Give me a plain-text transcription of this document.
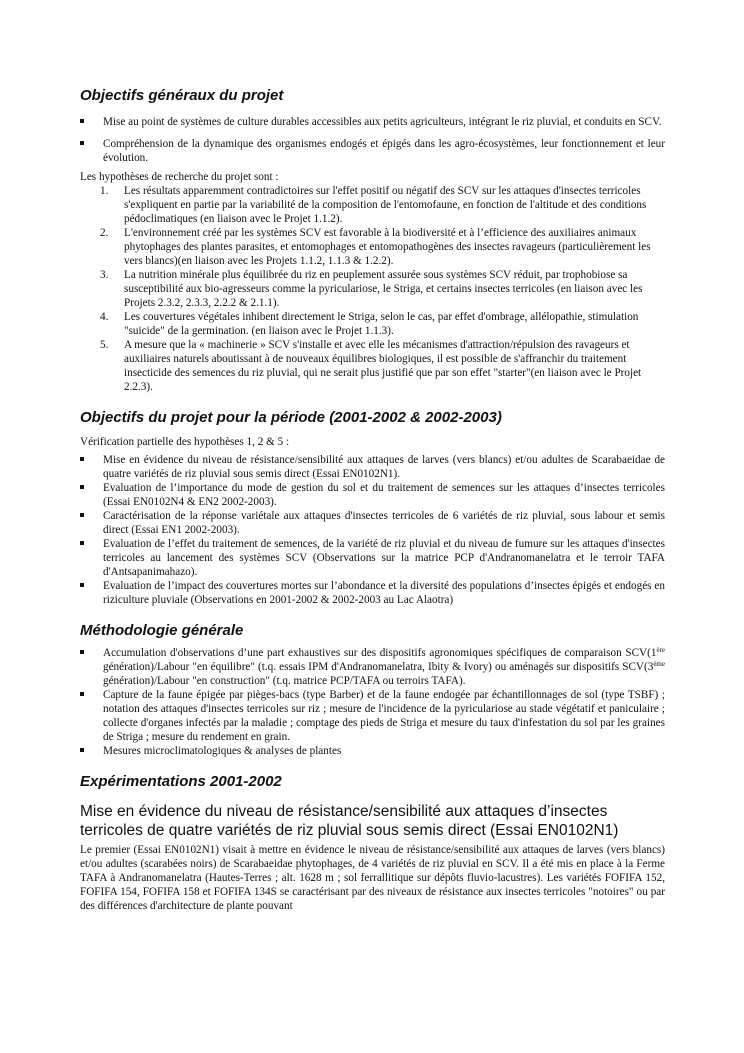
Objectifs généraux du projet
Mise au point de systèmes de culture durables accessibles aux petits agriculteurs, intégrant le riz pluvial, et conduits en SCV.
Compréhension de la dynamique des organismes endogés et épigés dans les agro-écosystèmes, leur fonctionnement et leur évolution.

Les hypothèses de recherche du projet sont :

1. Les résultats apparemment contradictoires sur l'effet positif ou négatif des SCV sur les attaques d'insectes terricoles s'expliquent en partie par la variabilité de la composition de l'entomofaune, en fonction de l'altitude et des conditions pédoclimatiques (en liaison avec le Projet 1.1.2).
2. L'environnement créé par les systèmes SCV est favorable à la biodiversité et à l’efficience des auxiliaires animaux phytophages des plantes parasites, et entomophages et entomopathogènes des insectes ravageurs (particulièrement les vers blancs)(en liaison avec les Projets 1.1.2, 1.1.3 & 1.2.2).
3. La nutrition minérale plus équilibrée du riz en peuplement assurée sous systèmes SCV réduit, par trophobiose sa susceptibilité aux bio-agresseurs comme la pyriculariose, le Striga, et certains insectes terricoles (en liaison avec les Projets 2.3.2, 2.3.3, 2.2.2 & 2.1.1).
4. Les couvertures végétales inhibent directement le Striga, selon le cas, par effet d'ombrage, allélopathie, stimulation "suicide" de la germination. (en liaison avec le Projet 1.1.3).
5. A mesure que la « machinerie » SCV s'installe et avec elle les mécanismes d'attraction/répulsion des ravageurs et auxiliaires naturels aboutissant à de nouveaux équilibres biologiques, il est possible de s'affranchir du traitement insecticide des semences du riz pluvial, qui ne serait plus justifié que par son effet "starter"(en liaison avec le Projet 2.2.3).
Objectifs du projet pour la période (2001-2002 & 2002-2003)

Vérification partielle des hypothèses 1, 2 & 5 :

Mise en évidence du niveau de résistance/sensibilité aux attaques de larves (vers blancs) et/ou adultes de Scarabaeidae de quatre variétés de riz pluvial sous semis direct (Essai EN0102N1).
Evaluation de l’importance du mode de gestion du sol et du traitement de semences sur les attaques d’insectes terricoles (Essai EN0102N4 & EN2 2002-2003).
Caractérisation de la réponse variétale aux attaques d'insectes terricoles de 6 variétés de riz pluvial, sous labour et semis direct (Essai EN1 2002-2003).
Evaluation de l’effet du traitement de semences, de la variété de riz pluvial et du niveau de fumure sur les attaques d'insectes terricoles au lancement des systèmes SCV (Observations sur la matrice PCP d'Andranomanelatra et le terroir TAFA d'Antsapanimahazo).
Evaluation de l’impact des couvertures mortes sur l’abondance et la diversité des populations d’insectes épigés et endogés en riziculture pluviale (Observations en 2001-2002 & 2002-2003 au Lac Alaotra)
Méthodologie générale
Accumulation d'observations d’une part exhaustives sur des dispositifs agronomiques spécifiques de comparaison SCV(1ère génération)/Labour "en équilibre" (t.q. essais IPM d'Andranomanelatra, Ibity & Ivory) ou aménagés sur dispositifs SCV(3ème génération)/Labour "en construction" (t.q. matrice PCP/TAFA ou terroirs TAFA).
Capture de la faune épigée par pièges-bacs (type Barber) et de la faune endogée par échantillonnages de sol (type TSBF) ; notation des attaques d'insectes terricoles sur riz ; mesure de l'incidence de la pyriculariose au stade végétatif et paniculaire ; collecte d'organes infectés par la maladie ; comptage des pieds de Striga et mesure du taux d'infestation du sol par les graines de Striga ; mesure du rendement en grain.
Mesures microclimatologiques & analyses de plantes
Expérimentations 2001-2002
Mise en évidence du niveau de résistance/sensibilité aux attaques d’insectes terricoles de quatre variétés de riz pluvial sous semis direct (Essai EN0102N1)

Le premier (Essai EN0102N1) visait à mettre en évidence le niveau de résistance/sensibilité aux attaques de larves (vers blancs) et/ou adultes (scarabées noirs) de Scarabaeidae phytophages, de 4 variétés de riz pluvial en SCV. Il a été mis en place à la Ferme TAFA à Andranomanelatra (Hautes-Terres ; alt. 1628 m ; sol ferrallitique sur dépôts fluvio-lacustres). Les variétés FOFIFA 152, FOFIFA 154, FOFIFA 158 et FOFIFA 134S se caractérisant par des niveaux de résistance aux insectes terricoles "notoires" ou par des différences d'architecture de plante pouvant
